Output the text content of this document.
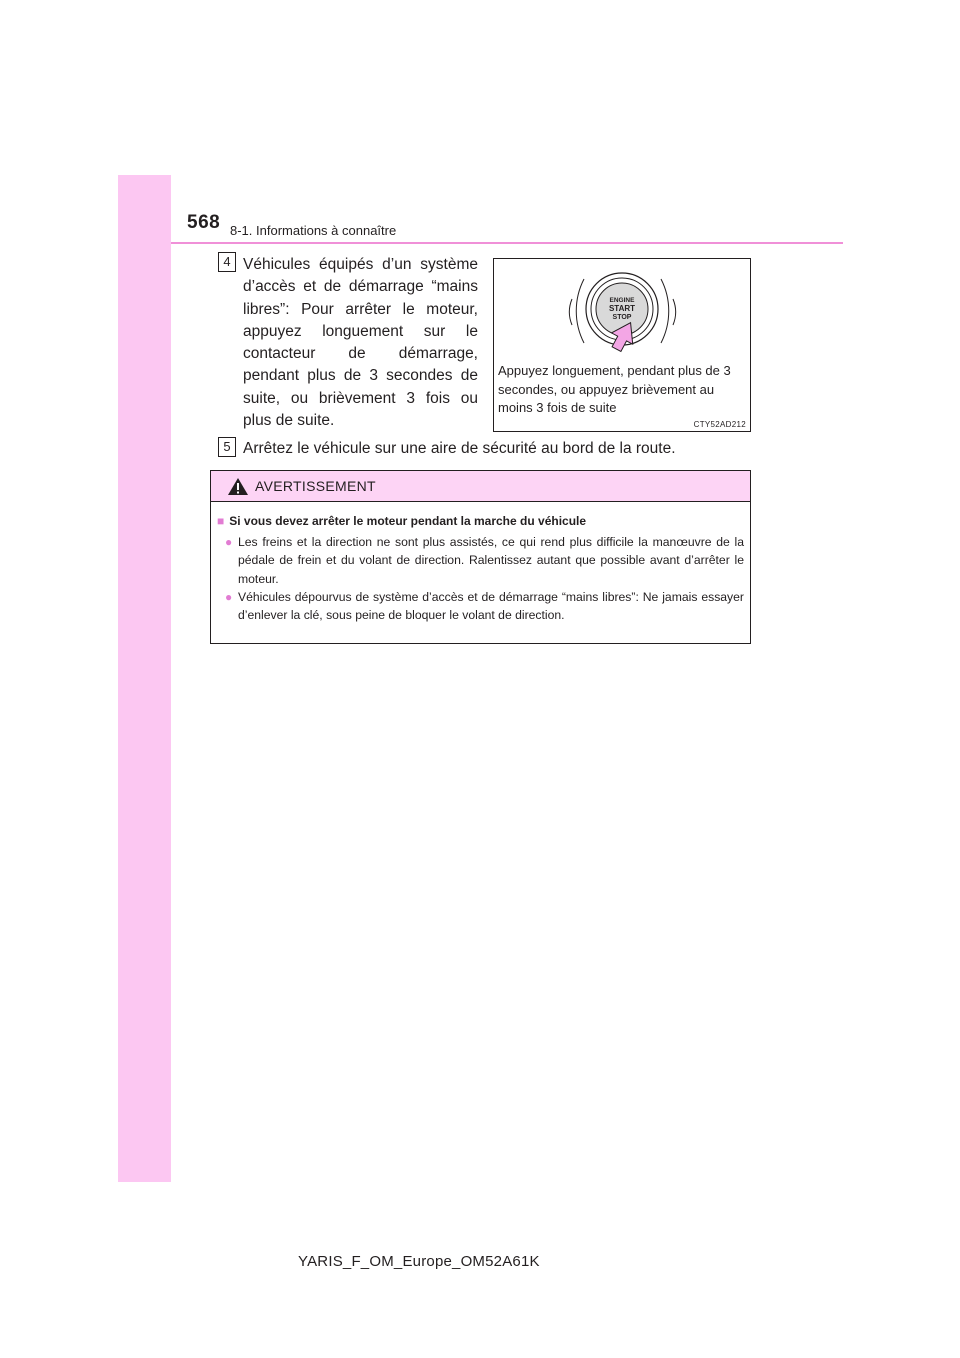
568 8-1. Informations à connaître
4 Véhicules équipés d’un système d’accès et de démarrage “mains libres”: Pour arrêter le moteur, appuyez longuement sur le contacteur de démarrage, pendant plus de 3 secondes de suite, ou brièvement 3 fois ou plus de suite.
ENGINE
START
STOP
Appuyez longuement, pendant plus de 3 secondes, ou appuyez brièvement au moins 3 fois de suite
CTY52AD212
5 Arrêtez le véhicule sur une aire de sécurité au bord de la route.
AVERTISSEMENT
■ Si vous devez arrêter le moteur pendant la marche du véhicule
● Les freins et la direction ne sont plus assistés, ce qui rend plus difficile la manœuvre de la pédale de frein et du volant de direction. Ralentissez autant que possible avant d’arrêter le moteur.
● Véhicules dépourvus de système d’accès et de démarrage “mains libres”: Ne jamais essayer d’enlever la clé, sous peine de bloquer le volant de direction.
YARIS_F_OM_Europe_OM52A61K
